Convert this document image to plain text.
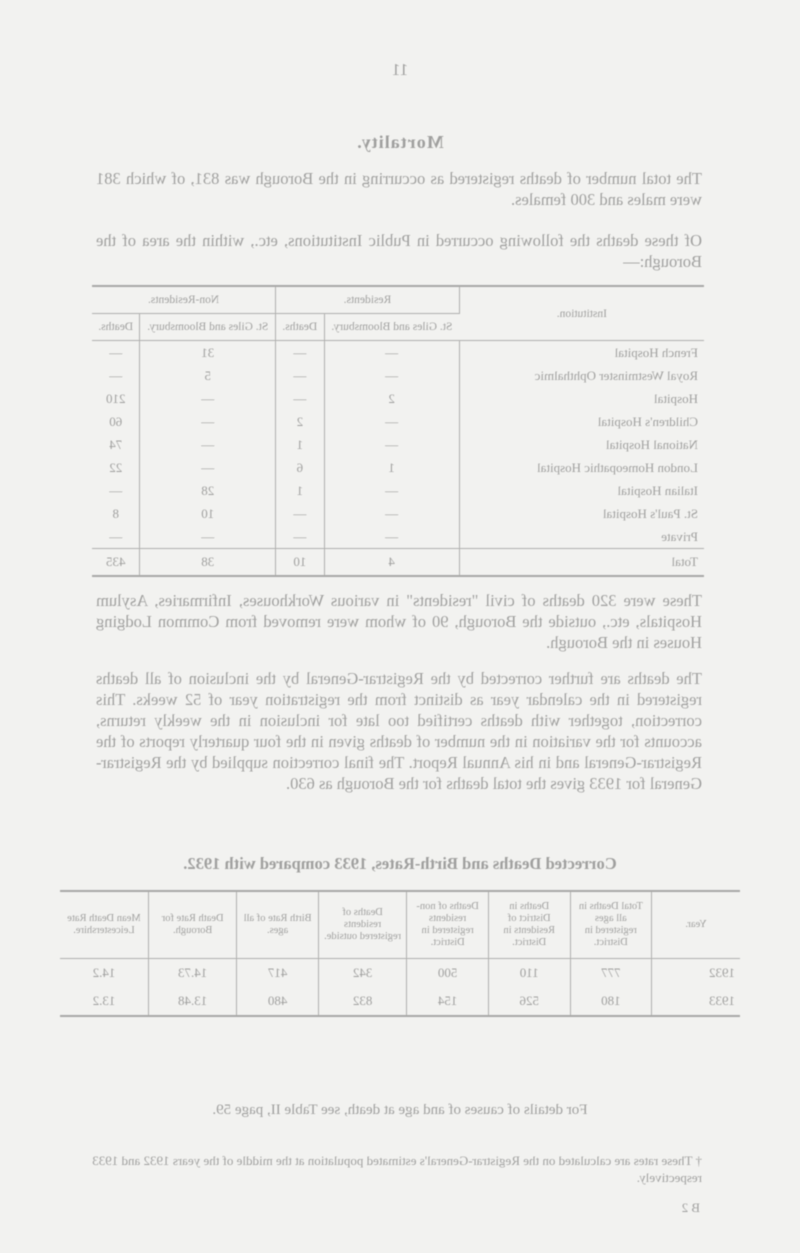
11
Mortality.

The total number of deaths registered as occurring in the Borough was 831, of which 381 were males and 300 females.

Of these deaths the following occurred in Public Institutions, etc., within the area of the Borough:—

Institution.	Residents.		Non-Residents.	
	St. Giles and Bloomsbury.	Deaths.	St. Giles and Bloomsbury.	Deaths.
French Hospital	—	—	31	—
Royal Westminster Ophthalmic	—	—	5	—
Hospital	2	—	—	210
Children's Hospital	—	2	—	60
National Hospital	—	1	—	74
London Homeopathic Hospital	1	6	—	22
Italian Hospital	—	1	28	—
St. Paul's Hospital	—	—	10	8
Private	—	—	—	—
Total	4	10	38	435

These were 320 deaths of civil "residents" in various Workhouses, Infirmaries, Asylum Hospitals, etc., outside the Borough, 90 of whom were removed from Common Lodging Houses in the Borough.

The deaths are further corrected by the Registrar-General by the inclusion of all deaths registered in the calendar year as distinct from the registration year of 52 weeks. This correction, together with deaths certified too late for inclusion in the weekly returns, accounts for the variation in the number of deaths given in the four quarterly reports of the Registrar-General and in his Annual Report. The final correction supplied by the Registrar-General for 1933 gives the total deaths for the Borough as 630.

Corrected Deaths and Birth-Rates, 1933 compared with 1932.
Year.	Total Deaths in all ages registered in District.	Deaths in District of Residents in District.	Deaths of non-residents registered in District.	Deaths of residents registered outside.	Birth Rate of all ages.	Death Rate for Borough.	Mean Death Rate Leicestershire.
1932	777	110	500	342	417	14.73	14.2
1933	180	526	154	832	480	13.48	13.2
For details of causes of and age at death, see Table II, page 59.
† These rates are calculated on the Registrar-General's estimated population at the middle of the years 1932 and 1933 respectively.
B 2
